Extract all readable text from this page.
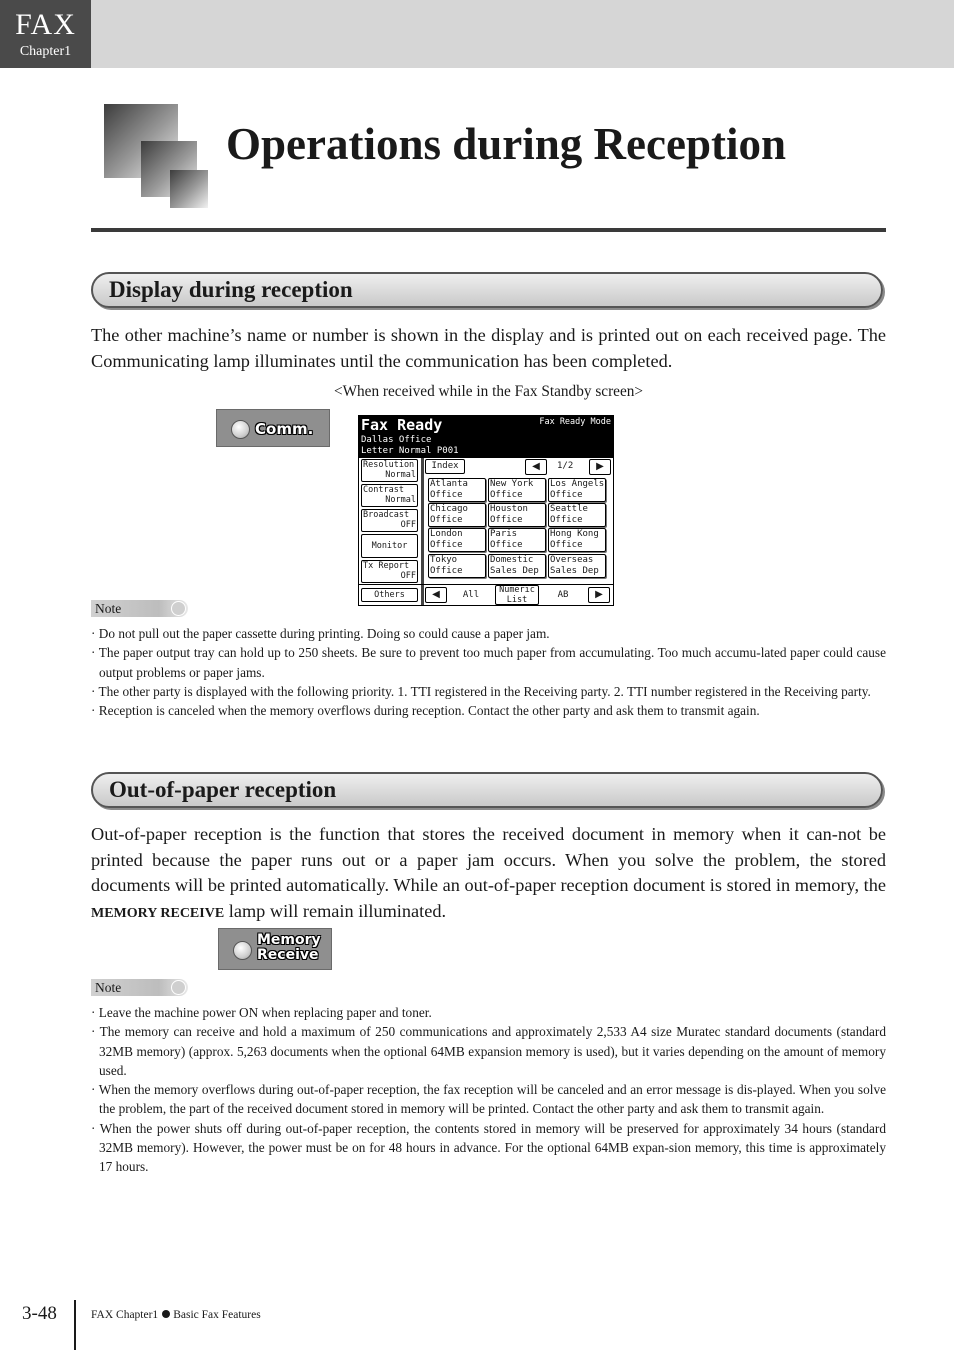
FAX
Chapter1
Operations during Reception
Display during reception
The other machine’s name or number is shown in the display and is printed out on each received page. The Communicating lamp illuminates until the communication has been completed.
<When received while in the Fax Standby screen>
Comm.	Fax Ready	Fax Ready Mode
Dallas Office
Letter Normal P001
Resolution
Normal
Contrast
Normal
Broadcast
OFF
Monitor
Tx Report
OFF
Others
Index	◀	1/2	▶
Atlanta
Office
New York
Office
Los Angels
Office
Chicago
Office
Houston
Office
Seattle
Office
London
Office
Paris
Office
Hong Kong
Office
Tokyo
Office
Domestic
Sales Dep
Overseas
Sales Dep
◀	All	Numeric
List	AB	▶
Note
· Do not pull out the paper cassette during printing. Doing so could cause a paper jam.
· The paper output tray can hold up to 250 sheets. Be sure to prevent too much paper from accumulating. Too much accumu-lated paper could cause output problems or paper jams.
· The other party is displayed with the following priority. 1. TTI registered in the Receiving party. 2. TTI number registered in the Receiving party.
· Reception is canceled when the memory overflows during reception. Contact the other party and ask them to transmit again.
Out-of-paper reception
Out-of-paper reception is the function that stores the received document in memory when it can-not be printed because the paper runs out or a paper jam occurs. When you solve the problem, the stored documents will be printed automatically. While an out-of-paper reception document is stored in memory, the MEMORY RECEIVE lamp will remain illuminated.
Memory
Receive
Note
· Leave the machine power ON when replacing paper and toner.
· The memory can receive and hold a maximum of 250 communications and approximately 2,533 A4 size Muratec standard documents (standard 32MB memory) (approx. 5,263 documents when the optional 64MB expansion memory is used), but it varies depending on the amount of memory used.
· When the memory overflows during out-of-paper reception, the fax reception will be canceled and an error message is dis-played. When you solve the problem, the part of the received document stored in memory will be printed. Contact the other party and ask them to transmit again.
· When the power shuts off during out-of-paper reception, the contents stored in memory will be preserved for approximately 34 hours (standard 32MB memory). However, the power must be on for 48 hours in advance. For the optional 64MB expan-sion memory, this time is approximately 17 hours.
3-48	FAX Chapter1 Basic Fax Features
